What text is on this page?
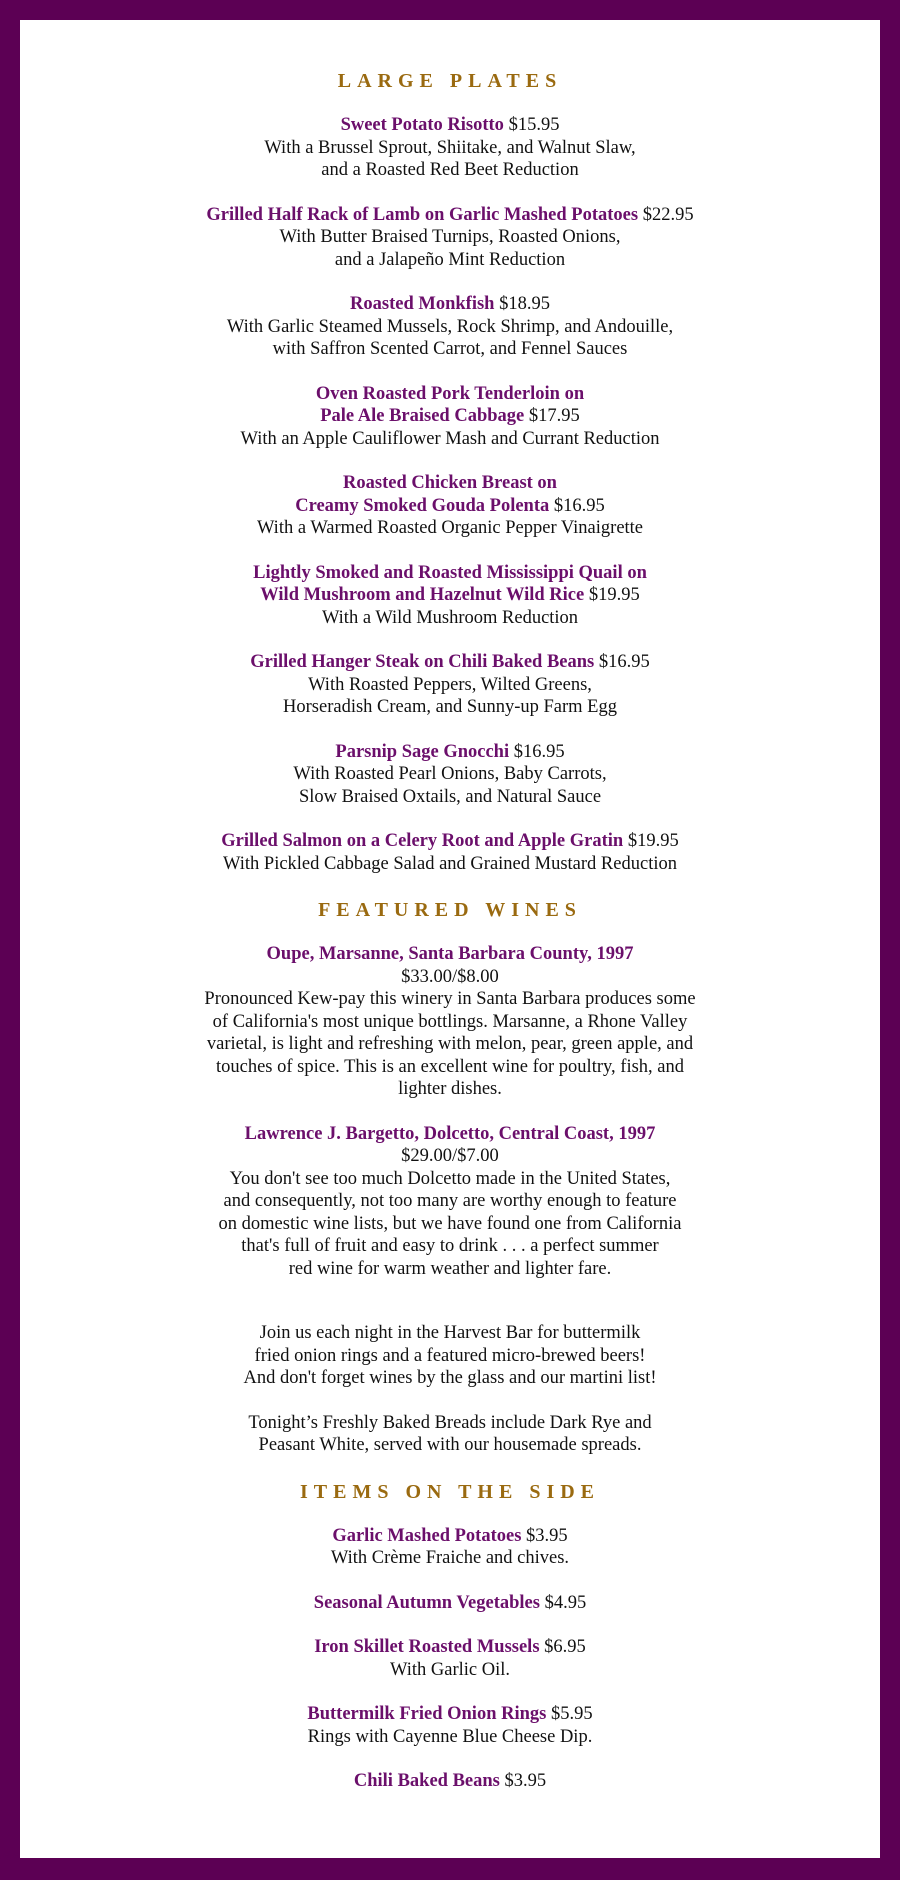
LARGE PLATES
Sweet Potato Risotto $15.95
With a Brussel Sprout, Shiitake, and Walnut Slaw,
and a Roasted Red Beet Reduction
Grilled Half Rack of Lamb on Garlic Mashed Potatoes $22.95
With Butter Braised Turnips, Roasted Onions,
and a Jalapeño Mint Reduction
Roasted Monkfish $18.95
With Garlic Steamed Mussels, Rock Shrimp, and Andouille,
with Saffron Scented Carrot, and Fennel Sauces
Oven Roasted Pork Tenderloin on
Pale Ale Braised Cabbage $17.95
With an Apple Cauliflower Mash and Currant Reduction
Roasted Chicken Breast on
Creamy Smoked Gouda Polenta $16.95
With a Warmed Roasted Organic Pepper Vinaigrette
Lightly Smoked and Roasted Mississippi Quail on
Wild Mushroom and Hazelnut Wild Rice $19.95
With a Wild Mushroom Reduction
Grilled Hanger Steak on Chili Baked Beans $16.95
With Roasted Peppers, Wilted Greens,
Horseradish Cream, and Sunny-up Farm Egg
Parsnip Sage Gnocchi $16.95
With Roasted Pearl Onions, Baby Carrots,
Slow Braised Oxtails, and Natural Sauce
Grilled Salmon on a Celery Root and Apple Gratin $19.95
With Pickled Cabbage Salad and Grained Mustard Reduction
FEATURED WINES
Oupe, Marsanne, Santa Barbara County, 1997
$33.00/$8.00
Pronounced Kew-pay this winery in Santa Barbara produces some
of California's most unique bottlings. Marsanne, a Rhone Valley
varietal, is light and refreshing with melon, pear, green apple, and
touches of spice. This is an excellent wine for poultry, fish, and
lighter dishes.
Lawrence J. Bargetto, Dolcetto, Central Coast, 1997
$29.00/$7.00
You don't see too much Dolcetto made in the United States,
and consequently, not too many are worthy enough to feature
on domestic wine lists, but we have found one from California
that's full of fruit and easy to drink . . . a perfect summer
red wine for warm weather and lighter fare.
Join us each night in the Harvest Bar for buttermilk
fried onion rings and a featured micro-brewed beers!
And don't forget wines by the glass and our martini list!
Tonight’s Freshly Baked Breads include Dark Rye and
Peasant White, served with our housemade spreads.
ITEMS ON THE SIDE
Garlic Mashed Potatoes $3.95
With Crème Fraiche and chives.
Seasonal Autumn Vegetables $4.95
Iron Skillet Roasted Mussels $6.95
With Garlic Oil.
Buttermilk Fried Onion Rings $5.95
Rings with Cayenne Blue Cheese Dip.
Chili Baked Beans $3.95
